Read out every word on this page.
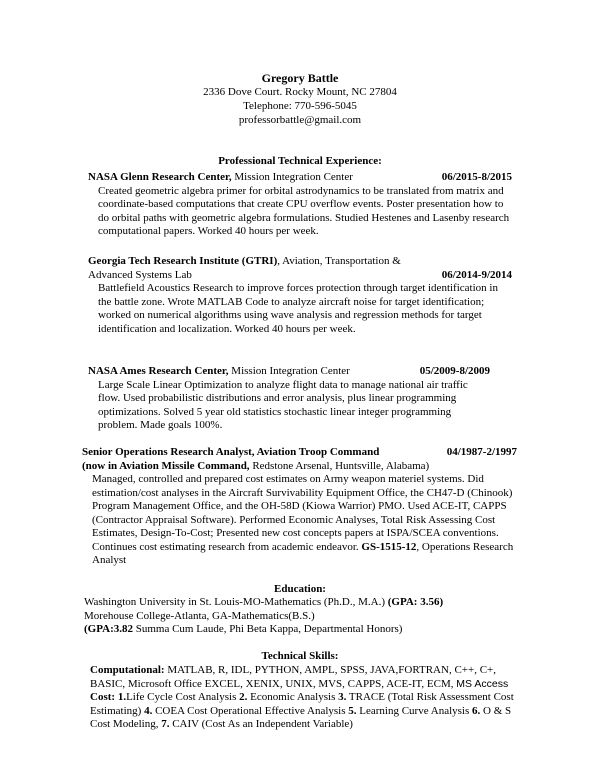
Gregory Battle
2336 Dove Court. Rocky Mount, NC 27804
Telephone: 770-596-5045
professorbattle@gmail.com
Professional Technical Experience:
NASA Glenn Research Center, Mission Integration Center	06/2015-8/2015
Created geometric algebra primer for orbital astrodynamics to be translated from matrix and coordinate-based computations that create CPU overflow events. Poster presentation how to do orbital paths with geometric algebra formulations. Studied Hestenes and Lasenby research computational papers. Worked 40 hours per week.
Georgia Tech Research Institute (GTRI), Aviation, Transportation & Advanced Systems Lab	06/2014-9/2014
Battlefield Acoustics Research to improve forces protection through target identification in the battle zone. Wrote MATLAB Code to analyze aircraft noise for target identification; worked on numerical algorithms using wave analysis and regression methods for target identification and localization. Worked 40 hours per week.
NASA Ames Research Center, Mission Integration Center	05/2009-8/2009
Large Scale Linear Optimization to analyze flight data to manage national air traffic flow. Used probabilistic distributions and error analysis, plus linear programming optimizations. Solved 5 year old statistics stochastic linear integer programming problem. Made goals 100%.
Senior Operations Research Analyst, Aviation Troop Command	04/1987-2/1997
(now in Aviation Missile Command, Redstone Arsenal, Huntsville, Alabama)
Managed, controlled and prepared cost estimates on Army weapon materiel systems. Did estimation/cost analyses in the Aircraft Survivability Equipment Office, the CH47-D (Chinook) Program Management Office, and the OH-58D (Kiowa Warrior) PMO. Used ACE-IT, CAPPS (Contractor Appraisal Software). Performed Economic Analyses, Total Risk Assessing Cost Estimates, Design-To-Cost; Presented new cost concepts papers at ISPA/SCEA conventions. Continues cost estimating research from academic endeavor. GS-1515-12, Operations Research Analyst
Education:
Washington University in St. Louis-MO-Mathematics (Ph.D., M.A.) (GPA: 3.56)
Morehouse College-Atlanta, GA-Mathematics(B.S.)
(GPA:3.82 Summa Cum Laude, Phi Beta Kappa, Departmental Honors)
Technical Skills:
Computational: MATLAB, R, IDL, PYTHON, AMPL, SPSS, JAVA,FORTRAN, C++, C+, BASIC, Microsoft Office EXCEL, XENIX, UNIX, MVS, CAPPS, ACE-IT, ECM, MS Access Cost: 1.Life Cycle Cost Analysis 2. Economic Analysis 3. TRACE (Total Risk Assessment Cost Estimating) 4. COEA Cost Operational Effective Analysis 5. Learning Curve Analysis 6. O & S Cost Modeling, 7. CAIV (Cost As an Independent Variable)
